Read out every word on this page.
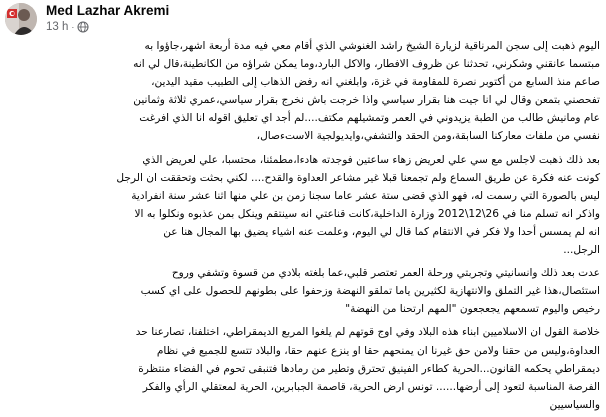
Med Lazhar Akremi
13 h ·
اليوم ذهبت إلى سجن المرناقية لزيارة الشيخ راشد الغنوشي الذي أقام معي فيه مدة أربعة اشهر،جاؤوا به
مبتسما عانقني وشكرني، تحدثنا عن ظروف الافطار، والاكل البارد،وما يمكن شراؤه من الكانطينة،قال لي انه
صاعم منذ السابع من أكتوبر نصرة للمقاومة في غزة، وابلغني انه رفض الذهاب إلى الطبيب مقيد اليدين،
تفحصني بتمعن وقال لي انا جيت هنا بقرار سياسي واذا خرجت باش نخرج بقرار سياسي،عمري ثلاثة وثمانين
عام ومانيش طالب من الطبة يزيدوني في العمر وتمشيلهم مكتف....لم أجد اي تعليق اقوله انا الذي افرغت
نفسي من ملفات معاركنا السابقة،ومن الحقد والتشفي،وايديولجية الاستءصال،
بعد ذلك ذهبت لاجلس مع سي علي لعريض زهاء ساعتين فوجدته هادءا،مطمئنا، محتسبا، علي لعريض الذي
كونت عنه فكرة عن طريق السماع ولم تجمعنا قبلا غير مشاعر العداوة والقدح.... لكني بحثت وتحققت ان الرجل
ليس بالصورة التي رسمت له، فهو الذي قضى ستة عشر عاما سجنا زمن بن علي منها اثنا عشر سنة انفرادية
واذكر انه تسلم منا في 26\12\2012 وزارة الداخلية،كانت قناعتي انه سينتقم وينكل بمن عذبوه ونكلوا به الا
انه لم يمسس أحدا ولا فكر في الانتقام كما قال لي اليوم، وعلمت عنه اشياء يضيق بها المجال هنا عن
الرجل...
عدت بعد ذلك وانسانيتي وتجربتي ورحلة العمر تعتصر قلبي،عما بلغته بلادي من قسوة وتشفي وروح
استئصال،هذا غير التملق والانتهازية لكثيرين ياما تملقو النهضة وزحفوا على بطونهم للحصول على اي كسب
رخيص واليوم تسمعهم يجعجعون "المهم ارتحنا من النهضة"
خلاصة القول ان الاسلاميين ابناء هذه البلاد وفي اوج قوتهم لم يلغوا المربع الديمقراطي، اختلفنا، تصارعنا حد
العداوة،وليس من حقنا ولامن حق غيرنا ان يمنحهم حقا او ينزع عنهم حقا، والبلاد تتسع للجميع في نظام
ديمقراطي يحكمه القانون...الحرية كطاءر الفينيق تحترق وتطير من رمادها فتنبقى تحوم في الفضاء منتظرة
الفرصة المناسبة لتعود إلى أرضها...... تونس ارض الحرية، قاصمة الجبابرين، الحرية لمعتقلي الرأي والفكر
والسياسيين
